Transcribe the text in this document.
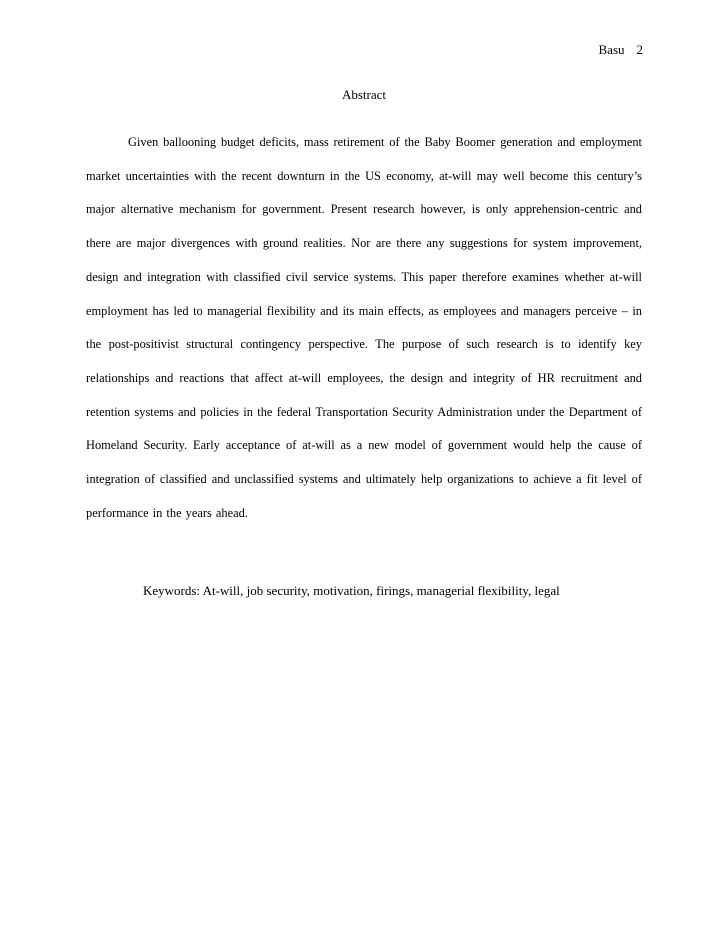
Basu 2
Abstract

Given ballooning budget deficits, mass retirement of the Baby Boomer generation and employment market uncertainties with the recent downturn in the US economy, at-will may well become this century’s major alternative mechanism for government. Present research however, is only apprehension-centric and there are major divergences with ground realities. Nor are there any suggestions for system improvement, design and integration with classified civil service systems. This paper therefore examines whether at-will employment has led to managerial flexibility and its main effects, as employees and managers perceive – in the post-positivist structural contingency perspective. The purpose of such research is to identify key relationships and reactions that affect at-will employees, the design and integrity of HR recruitment and retention systems and policies in the federal Transportation Security Administration under the Department of Homeland Security. Early acceptance of at-will as a new model of government would help the cause of integration of classified and unclassified systems and ultimately help organizations to achieve a fit level of performance in the years ahead.

Keywords: At-will, job security, motivation, firings, managerial flexibility, legal
